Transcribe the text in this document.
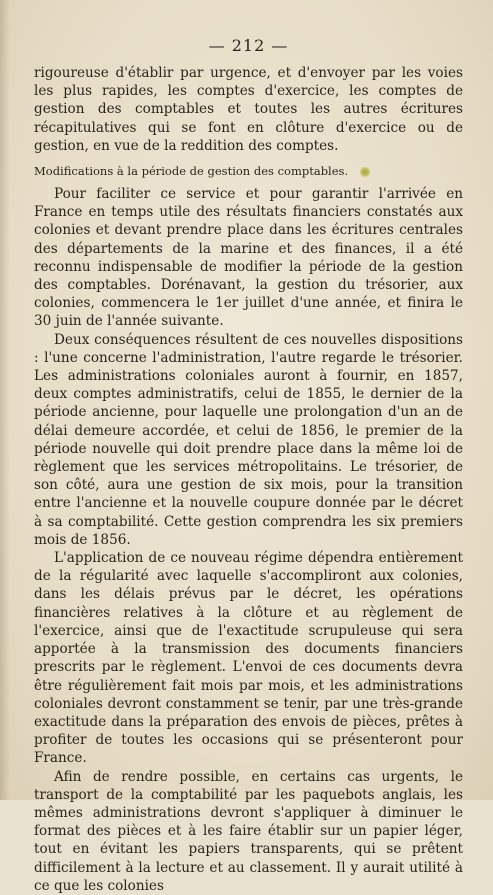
— 212 —

rigoureuse d'établir par urgence, et d'envoyer par les voies les plus rapides, les comptes d'exercice, les comptes de gestion des comptables et toutes les autres écritures récapitulatives qui se font en clôture d'exercice ou de gestion, en vue de la reddition des comptes.

Modifications à la période de gestion des comptables.

Pour faciliter ce service et pour garantir l'arrivée en France en temps utile des résultats financiers constatés aux colonies et devant prendre place dans les écritures centrales des départements de la marine et des finances, il a été reconnu indispensable de modifier la période de la gestion des comptables. Dorénavant, la gestion du trésorier, aux colonies, commencera le 1er juillet d'une année, et finira le 30 juin de l'année suivante.

Deux conséquences résultent de ces nouvelles dispositions : l'une concerne l'administration, l'autre regarde le trésorier. Les administrations coloniales auront à fournir, en 1857, deux comptes administratifs, celui de 1855, le dernier de la période ancienne, pour laquelle une prolongation d'un an de délai demeure accordée, et celui de 1856, le premier de la période nouvelle qui doit prendre place dans la même loi de règlement que les services métropolitains. Le trésorier, de son côté, aura une gestion de six mois, pour la transition entre l'ancienne et la nouvelle coupure donnée par le décret à sa comptabilité. Cette gestion comprendra les six premiers mois de 1856.

L'application de ce nouveau régime dépendra entièrement de la régularité avec laquelle s'accompliront aux colonies, dans les délais prévus par le décret, les opérations financières relatives à la clôture et au règlement de l'exercice, ainsi que de l'exactitude scrupuleuse qui sera apportée à la transmission des documents financiers prescrits par le règlement. L'envoi de ces documents devra être régulièrement fait mois par mois, et les administrations coloniales devront constamment se tenir, par une très-grande exactitude dans la préparation des envois de pièces, prêtes à profiter de toutes les occasions qui se présenteront pour France.

Afin de rendre possible, en certains cas urgents, le transport de la comptabilité par les paquebots anglais, les mêmes administrations devront s'appliquer à diminuer le format des pièces et à les faire établir sur un papier léger, tout en évitant les papiers transparents, qui se prêtent difficilement à la lecture et au classement. Il y aurait utilité à ce que les colonies
